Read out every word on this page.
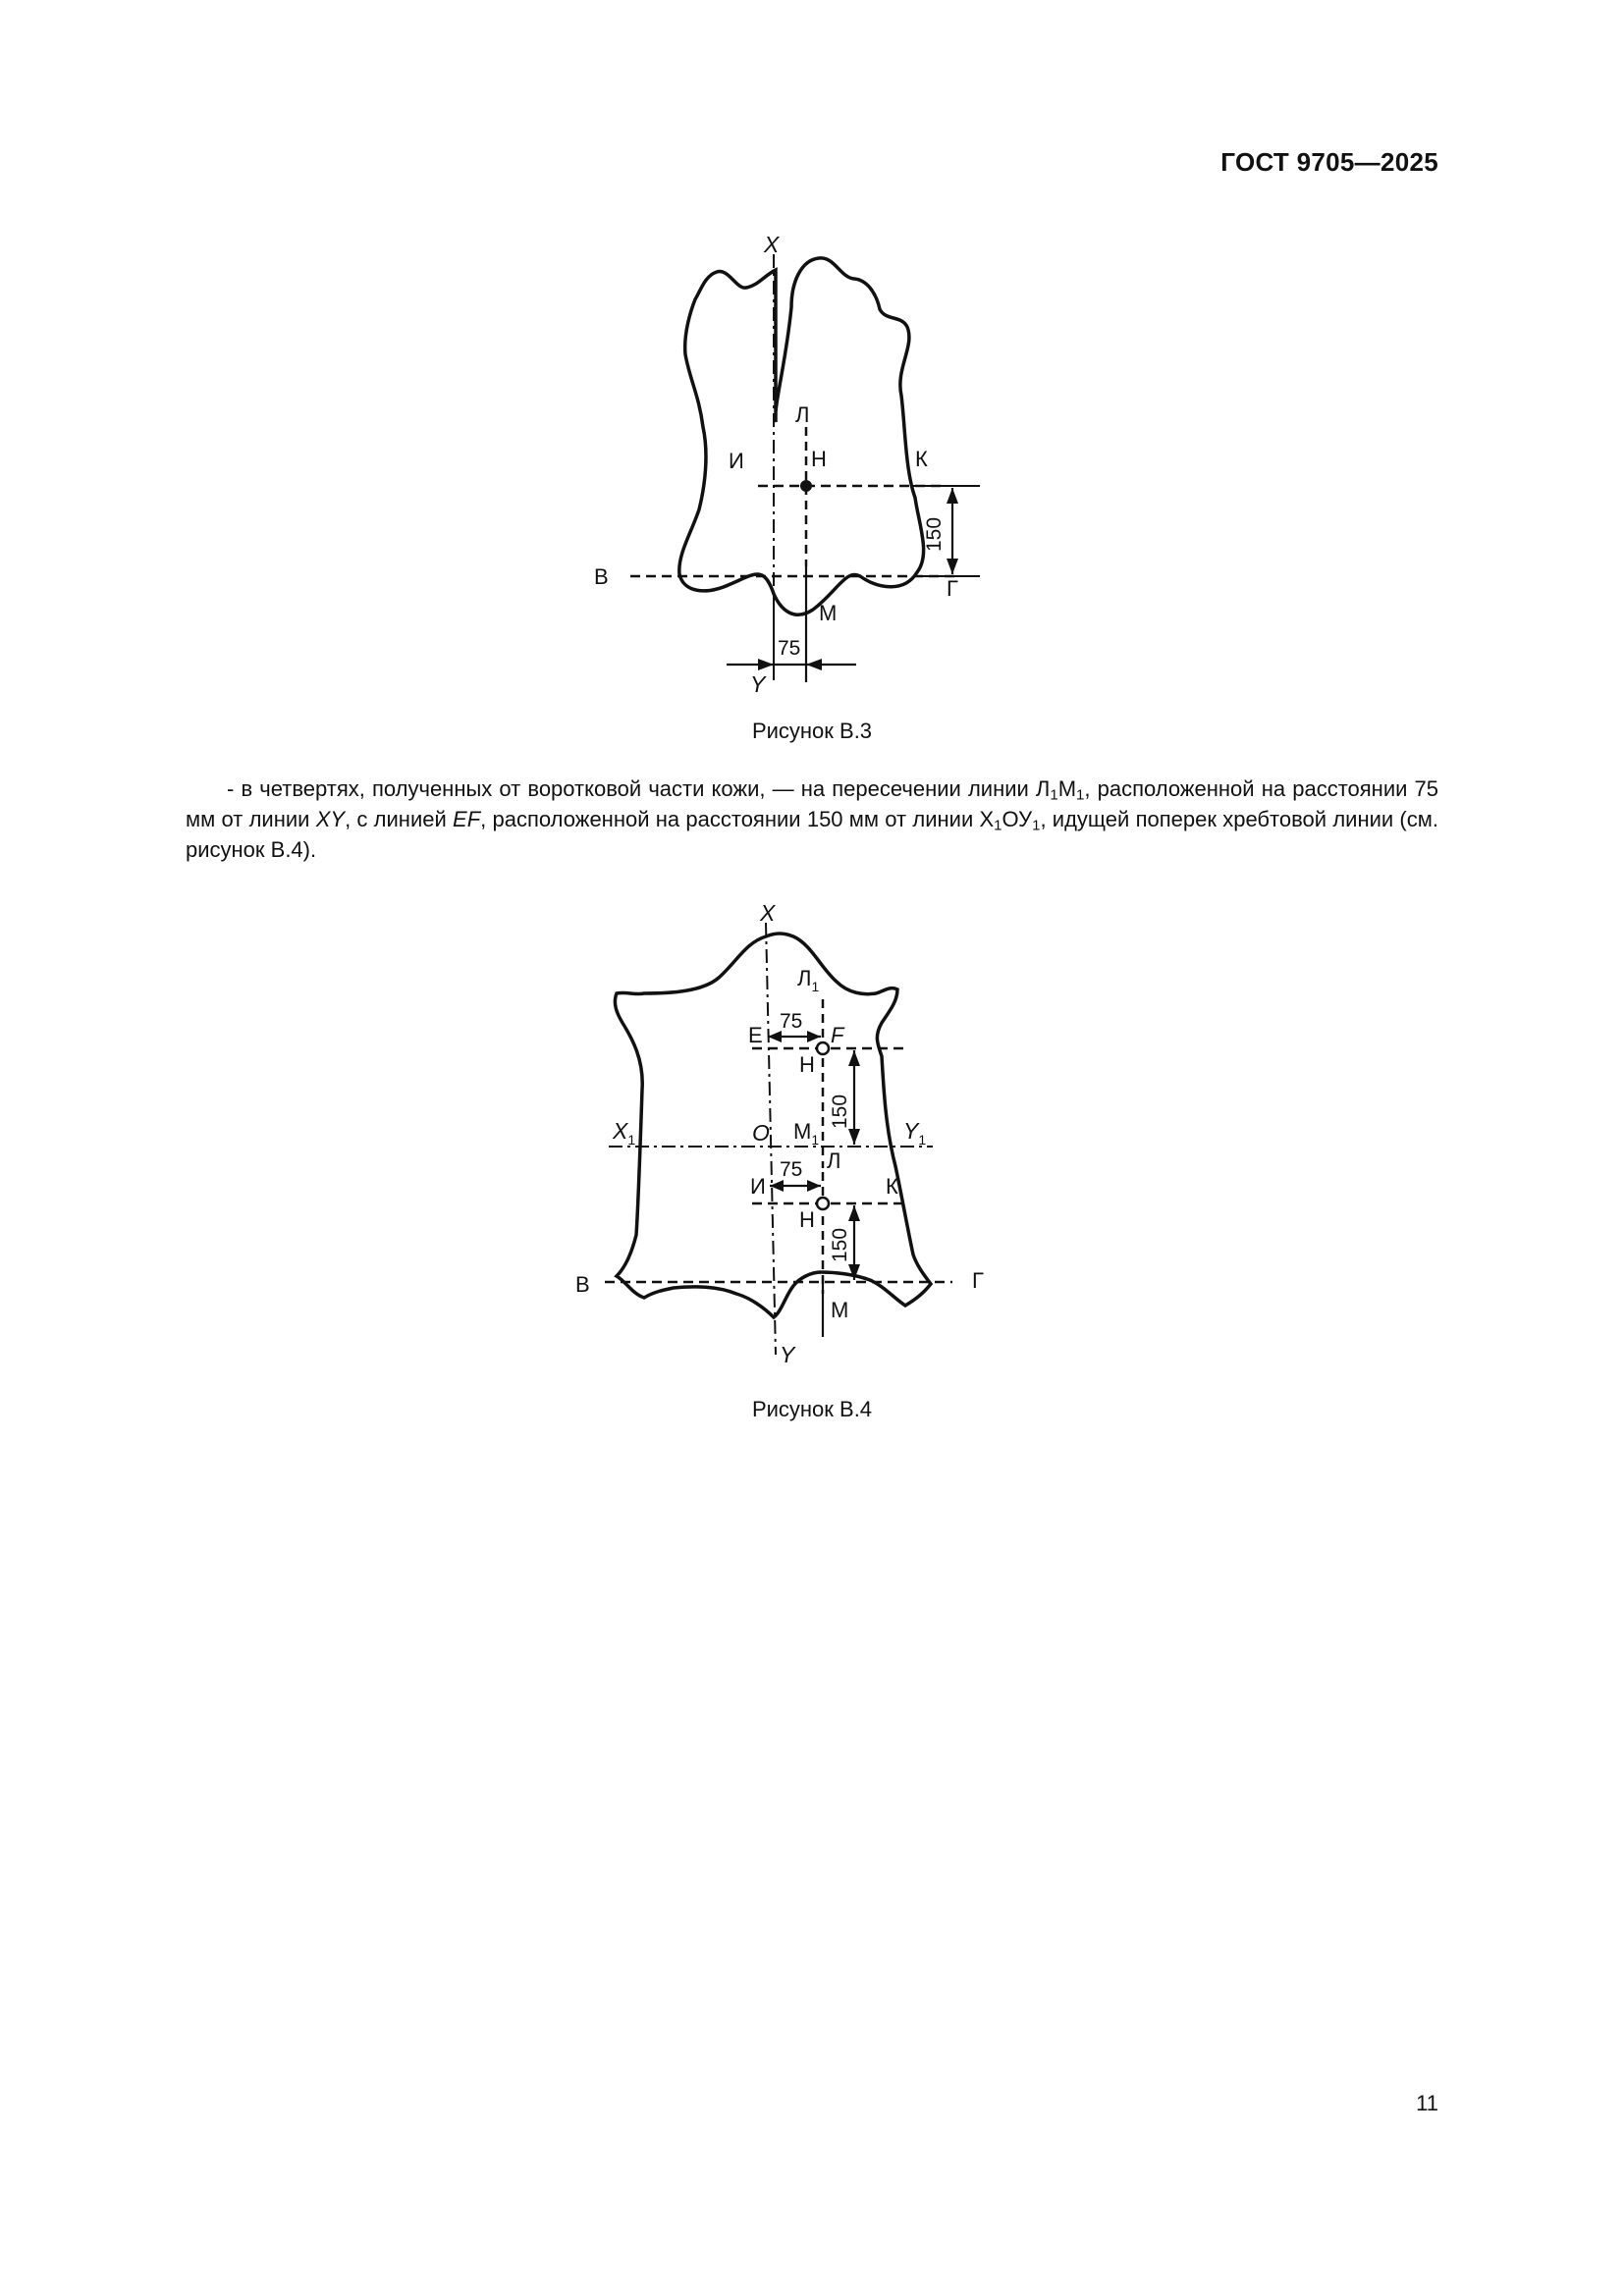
ГОСТ 9705—2025
150
75
X
Y
Л
И	Н	К
В	Г
М
Рисунок В.3
- в четвертях, полученных от воротковой части кожи, — на пересечении линии $Л_1М_1$, расположенной на расстоянии 75 мм от линии XY, с линией EF, расположенной на расстоянии 150 мм от линии $Х_1ОУ_1$, идущей поперек хребтовой линии (см. рисунок В.4).
75
150
75
150
X
Y
$Л_1$
Е	F
Н
$X_1$	O $М_1$	$Y_1$
Л
И	К
Н
В	Г
М
Рисунок В.4
11
